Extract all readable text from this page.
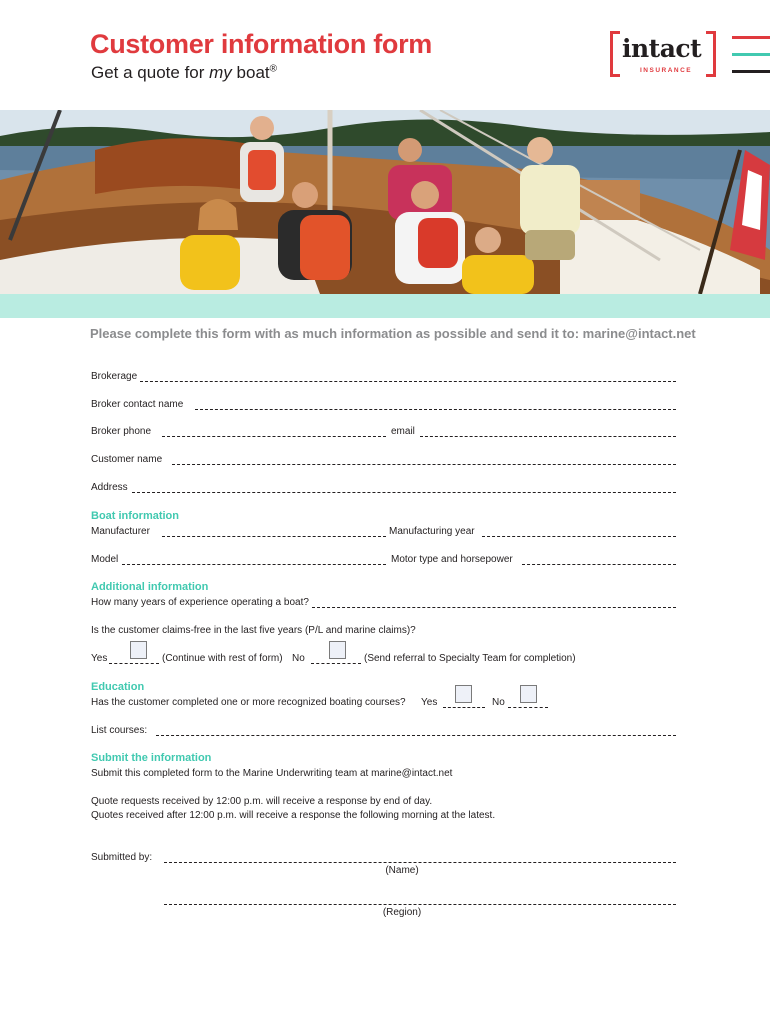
Customer information form
Get a quote for my boat®
intact
INSURANCE
Please complete this form with as much information as possible and send it to: marine@intact.net
Brokerage
Broker contact name
Broker phone	email
Customer name
Address
Boat information
Manufacturer	Manufacturing year
Model	Motor type and horsepower
Additional information
How many years of experience operating a boat?
Is the customer claims-free in the last five years (P/L and marine claims)?
Yes	(Continue with rest of form) No	(Send referral to Specialty Team for completion)
Education
Has the customer completed one or more recognized boating courses? Yes	No
List courses:
Submit the information
Submit this completed form to the Marine Underwriting team at marine@intact.net
Quote requests received by 12:00 p.m. will receive a response by end of day.
Quotes received after 12:00 p.m. will receive a response the following morning at the latest.
Submitted by:
(Name)
(Region)
